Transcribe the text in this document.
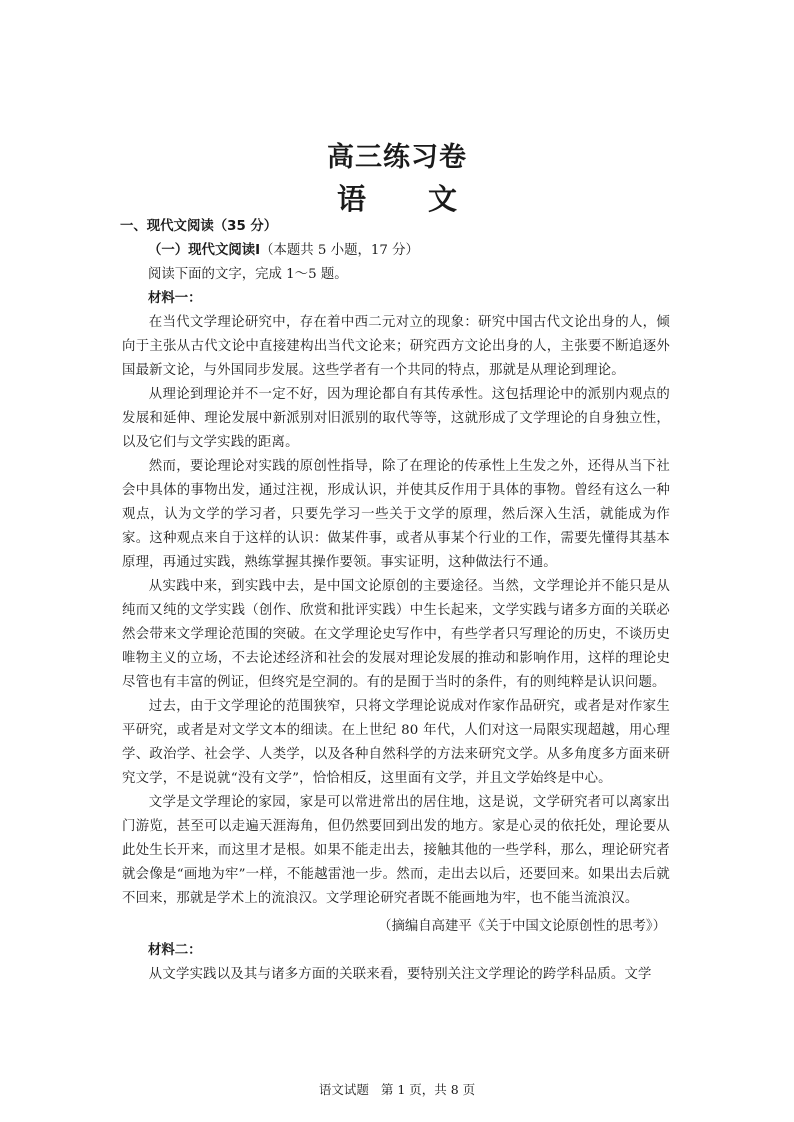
高三练习卷
语 文
一、现代文阅读（35 分）
（一）现代文阅读Ⅰ（本题共 5 小题，17 分）
阅读下面的文字，完成 1～5 题。
材料一：

在当代文学理论研究中，存在着中西二元对立的现象：研究中国古代文论出身的人，倾向于主张从古代文论中直接建构出当代文论来；研究西方文论出身的人，主张要不断追逐外国最新文论，与外国同步发展。这些学者有一个共同的特点，那就是从理论到理论。

从理论到理论并不一定不好，因为理论都自有其传承性。这包括理论中的派别内观点的发展和延伸、理论发展中新派别对旧派别的取代等等，这就形成了文学理论的自身独立性，以及它们与文学实践的距离。

然而，要论理论对实践的原创性指导，除了在理论的传承性上生发之外，还得从当下社会中具体的事物出发，通过注视，形成认识，并使其反作用于具体的事物。曾经有这么一种观点，认为文学的学习者，只要先学习一些关于文学的原理，然后深入生活，就能成为作家。这种观点来自于这样的认识：做某件事，或者从事某个行业的工作，需要先懂得其基本原理，再通过实践，熟练掌握其操作要领。事实证明，这种做法行不通。

从实践中来，到实践中去，是中国文论原创的主要途径。当然，文学理论并不能只是从纯而又纯的文学实践（创作、欣赏和批评实践）中生长起来，文学实践与诸多方面的关联必然会带来文学理论范围的突破。在文学理论史写作中，有些学者只写理论的历史，不谈历史唯物主义的立场，不去论述经济和社会的发展对理论发展的推动和影响作用，这样的理论史尽管也有丰富的例证，但终究是空洞的。有的是囿于当时的条件，有的则纯粹是认识问题。

过去，由于文学理论的范围狭窄，只将文学理论说成对作家作品研究，或者是对作家生平研究，或者是对文学文本的细读。在上世纪 80 年代，人们对这一局限实现超越，用心理学、政治学、社会学、人类学，以及各种自然科学的方法来研究文学。从多角度多方面来研究文学，不是说就“没有文学”，恰恰相反，这里面有文学，并且文学始终是中心。

文学是文学理论的家园，家是可以常进常出的居住地，这是说，文学研究者可以离家出门游览，甚至可以走遍天涯海角，但仍然要回到出发的地方。家是心灵的依托处，理论要从此处生长开来，而这里才是根。如果不能走出去，接触其他的一些学科，那么，理论研究者就会像是“画地为牢”一样，不能越雷池一步。然而，走出去以后，还要回来。如果出去后就不回来，那就是学术上的流浪汉。文学理论研究者既不能画地为牢，也不能当流浪汉。

（摘编自高建平《关于中国文论原创性的思考》）
材料二：

从文学实践以及其与诸多方面的关联来看，要特别关注文学理论的跨学科品质。文学

语文试题 第 1 页，共 8 页
